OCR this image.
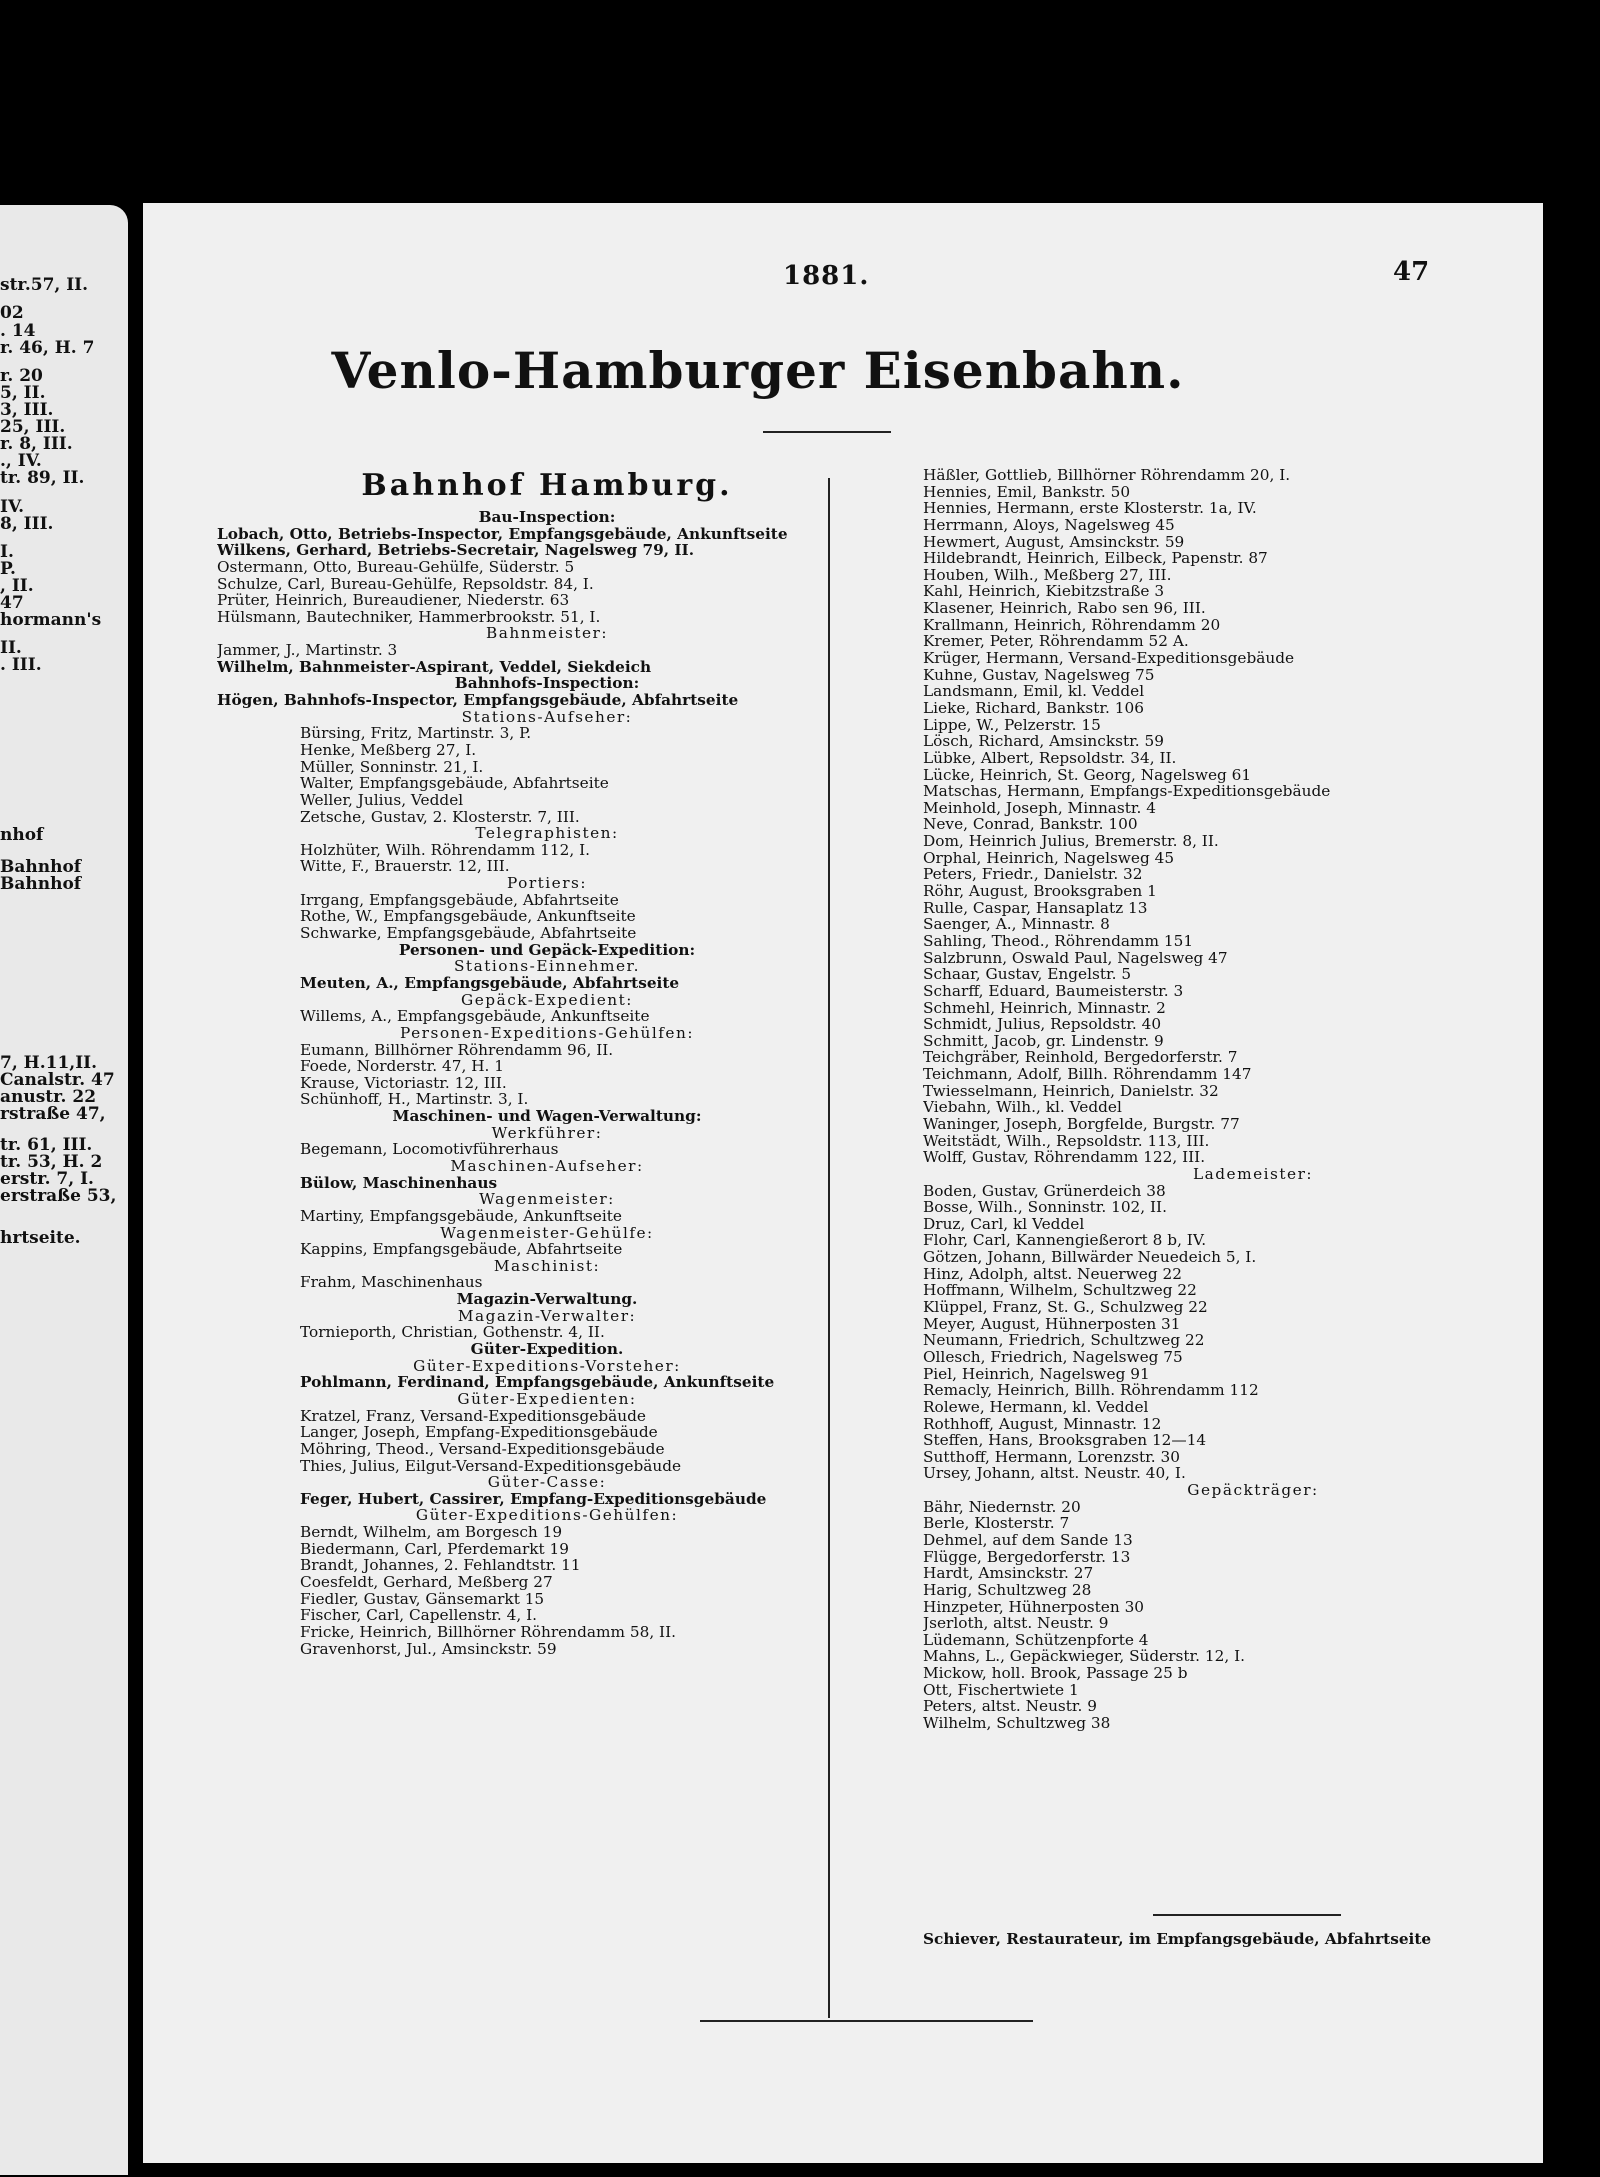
str.57, II.
02
. 14
r. 46, H. 7
r. 20
5, II.
3, III.
25, III.
r. 8, III.
., IV.
tr. 89, II.
IV.
8, III.
I.
P.
, II.
47
hormann's
II.
. III.
nhof
Bahnhof
Bahnhof
7, H.11,II.
Canalstr. 47
anustr. 22
rstraße 47,
tr. 61, III.
tr. 53, H. 2
erstr. 7, I.
erstraße 53,
hrtseite.
1881.	47
Venlo-Hamburger Eisenbahn.
Bahnhof Hamburg.
Bau-Inspection:
Lobach, Otto, Betriebs-Inspector, Empfangsgebäude, Ankunftseite
Wilkens, Gerhard, Betriebs-Secretair, Nagelsweg 79, II.
Ostermann, Otto, Bureau-Gehülfe, Süderstr. 5
Schulze, Carl, Bureau-Gehülfe, Repsoldstr. 84, I.
Prüter, Heinrich, Bureaudiener, Niederstr. 63
Hülsmann, Bautechniker, Hammerbrookstr. 51, I.
Bahnmeister:
Jammer, J., Martinstr. 3
Wilhelm, Bahnmeister-Aspirant, Veddel, Siekdeich
Bahnhofs-Inspection:
Högen, Bahnhofs-Inspector, Empfangsgebäude, Abfahrtseite
Stations-Aufseher:
Bürsing, Fritz, Martinstr. 3, P.
Henke, Meßberg 27, I.
Müller, Sonninstr. 21, I.
Walter, Empfangsgebäude, Abfahrtseite
Weller, Julius, Veddel
Zetsche, Gustav, 2. Klosterstr. 7, III.
Telegraphisten:
Holzhüter, Wilh. Röhrendamm 112, I.
Witte, F., Brauerstr. 12, III.
Portiers:
Irrgang, Empfangsgebäude, Abfahrtseite
Rothe, W., Empfangsgebäude, Ankunftseite
Schwarke, Empfangsgebäude, Abfahrtseite
Personen- und Gepäck-Expedition:
Stations-Einnehmer.
Meuten, A., Empfangsgebäude, Abfahrtseite
Gepäck-Expedient:
Willems, A., Empfangsgebäude, Ankunftseite
Personen-Expeditions-Gehülfen:
Eumann, Billhörner Röhrendamm 96, II.
Foede, Norderstr. 47, H. 1
Krause, Victoriastr. 12, III.
Schünhoff, H., Martinstr. 3, I.
Maschinen- und Wagen-Verwaltung:
Werkführer:
Begemann, Locomotivführerhaus
Maschinen-Aufseher:
Bülow, Maschinenhaus
Wagenmeister:
Martiny, Empfangsgebäude, Ankunftseite
Wagenmeister-Gehülfe:
Kappins, Empfangsgebäude, Abfahrtseite
Maschinist:
Frahm, Maschinenhaus
Magazin-Verwaltung.
Magazin-Verwalter:
Tornieporth, Christian, Gothenstr. 4, II.
Güter-Expedition.
Güter-Expeditions-Vorsteher:
Pohlmann, Ferdinand, Empfangsgebäude, Ankunftseite
Güter-Expedienten:
Kratzel, Franz, Versand-Expeditionsgebäude
Langer, Joseph, Empfang-Expeditionsgebäude
Möhring, Theod., Versand-Expeditionsgebäude
Thies, Julius, Eilgut-Versand-Expeditionsgebäude
Güter-Casse:
Feger, Hubert, Cassirer, Empfang-Expeditionsgebäude
Güter-Expeditions-Gehülfen:
Berndt, Wilhelm, am Borgesch 19
Biedermann, Carl, Pferdemarkt 19
Brandt, Johannes, 2. Fehlandtstr. 11
Coesfeldt, Gerhard, Meßberg 27
Fiedler, Gustav, Gänsemarkt 15
Fischer, Carl, Capellenstr. 4, I.
Fricke, Heinrich, Billhörner Röhrendamm 58, II.
Gravenhorst, Jul., Amsinckstr. 59
Häßler, Gottlieb, Billhörner Röhrendamm 20, I.
Hennies, Emil, Bankstr. 50
Hennies, Hermann, erste Klosterstr. 1a, IV.
Herrmann, Aloys, Nagelsweg 45
Hewmert, August, Amsinckstr. 59
Hildebrandt, Heinrich, Eilbeck, Papenstr. 87
Houben, Wilh., Meßberg 27, III.
Kahl, Heinrich, Kiebitzstraße 3
Klasener, Heinrich, Rabo sen 96, III.
Krallmann, Heinrich, Röhrendamm 20
Kremer, Peter, Röhrendamm 52 A.
Krüger, Hermann, Versand-Expeditionsgebäude
Kuhne, Gustav, Nagelsweg 75
Landsmann, Emil, kl. Veddel
Lieke, Richard, Bankstr. 106
Lippe, W., Pelzerstr. 15
Lösch, Richard, Amsinckstr. 59
Lübke, Albert, Repsoldstr. 34, II.
Lücke, Heinrich, St. Georg, Nagelsweg 61
Matschas, Hermann, Empfangs-Expeditionsgebäude
Meinhold, Joseph, Minnastr. 4
Neve, Conrad, Bankstr. 100
Dom, Heinrich Julius, Bremerstr. 8, II.
Orphal, Heinrich, Nagelsweg 45
Peters, Friedr., Danielstr. 32
Röhr, August, Brooksgraben 1
Rulle, Caspar, Hansaplatz 13
Saenger, A., Minnastr. 8
Sahling, Theod., Röhrendamm 151
Salzbrunn, Oswald Paul, Nagelsweg 47
Schaar, Gustav, Engelstr. 5
Scharff, Eduard, Baumeisterstr. 3
Schmehl, Heinrich, Minnastr. 2
Schmidt, Julius, Repsoldstr. 40
Schmitt, Jacob, gr. Lindenstr. 9
Teichgräber, Reinhold, Bergedorferstr. 7
Teichmann, Adolf, Billh. Röhrendamm 147
Twiesselmann, Heinrich, Danielstr. 32
Viebahn, Wilh., kl. Veddel
Waninger, Joseph, Borgfelde, Burgstr. 77
Weitstädt, Wilh., Repsoldstr. 113, III.
Wolff, Gustav, Röhrendamm 122, III.
Lademeister:
Boden, Gustav, Grünerdeich 38
Bosse, Wilh., Sonninstr. 102, II.
Druz, Carl, kl Veddel
Flohr, Carl, Kannengießerort 8 b, IV.
Götzen, Johann, Billwärder Neuedeich 5, I.
Hinz, Adolph, altst. Neuerweg 22
Hoffmann, Wilhelm, Schultzweg 22
Klüppel, Franz, St. G., Schulzweg 22
Meyer, August, Hühnerposten 31
Neumann, Friedrich, Schultzweg 22
Ollesch, Friedrich, Nagelsweg 75
Piel, Heinrich, Nagelsweg 91
Remacly, Heinrich, Billh. Röhrendamm 112
Rolewe, Hermann, kl. Veddel
Rothhoff, August, Minnastr. 12
Steffen, Hans, Brooksgraben 12—14
Sutthoff, Hermann, Lorenzstr. 30
Ursey, Johann, altst. Neustr. 40, I.
Gepäckträger:
Bähr, Niedernstr. 20
Berle, Klosterstr. 7
Dehmel, auf dem Sande 13
Flügge, Bergedorferstr. 13
Hardt, Amsinckstr. 27
Harig, Schultzweg 28
Hinzpeter, Hühnerposten 30
Jserloth, altst. Neustr. 9
Lüdemann, Schützenpforte 4
Mahns, L., Gepäckwieger, Süderstr. 12, I.
Mickow, holl. Brook, Passage 25 b
Ott, Fischertwiete 1
Peters, altst. Neustr. 9
Wilhelm, Schultzweg 38
Schiever, Restaurateur, im Empfangsgebäude, Abfahrtseite
